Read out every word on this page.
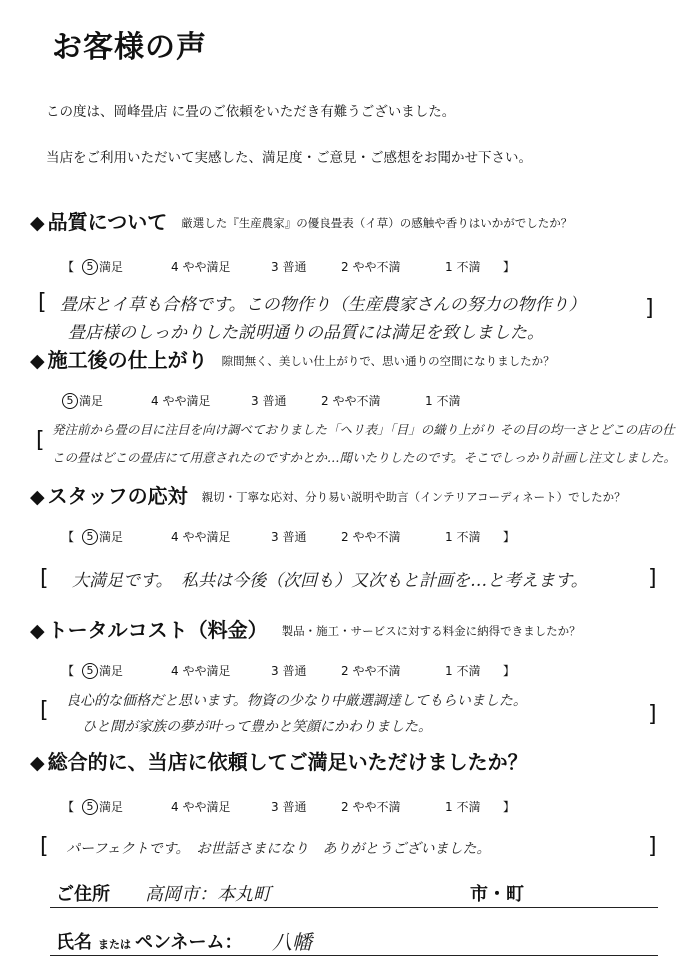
お客様の声
この度は、岡峰畳店 に畳のご依頼をいただき有難うございました。
当店をご利用いただいて実感した、満足度・ご意見・ご感想をお聞かせ下さい。
◆ 品質について 厳選した『生産農家』の優良畳表（イ草）の感触や香りはいかがでしたか？
【	5 満足	4 やや満足	3 普通	2 やや不満	1 不満	】
[	]
畳床とイ草も合格です。この物作り（生産農家さんの努力の物作り）
畳店様のしっかりした説明通りの品質には満足を致しました。
◆ 施工後の仕上がり 隙間無く、美しい仕上がりで、思い通りの空間になりましたか？
5 満足	4 やや満足	3 普通	2 やや不満	1 不満
[ 発注前から畳の目に注目を向け調べておりました「ヘリ表」「目」の織り上がり その目の均一さとどこの店の仕
この畳はどこの畳店にて用意されたのですかとか…聞いたりしたのです。そこでしっかり計画し注文しました。
◆ スタッフの応対 親切・丁寧な応対、分り易い説明や助言（インテリアコーディネート）でしたか？
【	5 満足	4 やや満足	3 普通	2 やや不満	1 不満	】
[	]
大満足です。　私共は今後（次回も）又次もと計画を…と考えます。
◆ トータルコスト（料金） 製品・施工・サービスに対する料金に納得できましたか？
【	5 満足	4 やや満足	3 普通	2 やや不満	1 不満	】
[	]
良心的な価格だと思います。物資の少なり中厳選調達してもらいました。
ひと間が家族の夢が叶って豊かと笑顔にかわりました。
◆ 総合的に、当店に依頼してご満足いただけましたか？
【	5 満足	4 やや満足	3 普通	2 やや不満	1 不満	】
[	]
パーフェクトです。　お世話さまになり　ありがとうございました。
ご住所 高岡市：本丸町	市・町
氏名 または ペンネーム： 八幡
